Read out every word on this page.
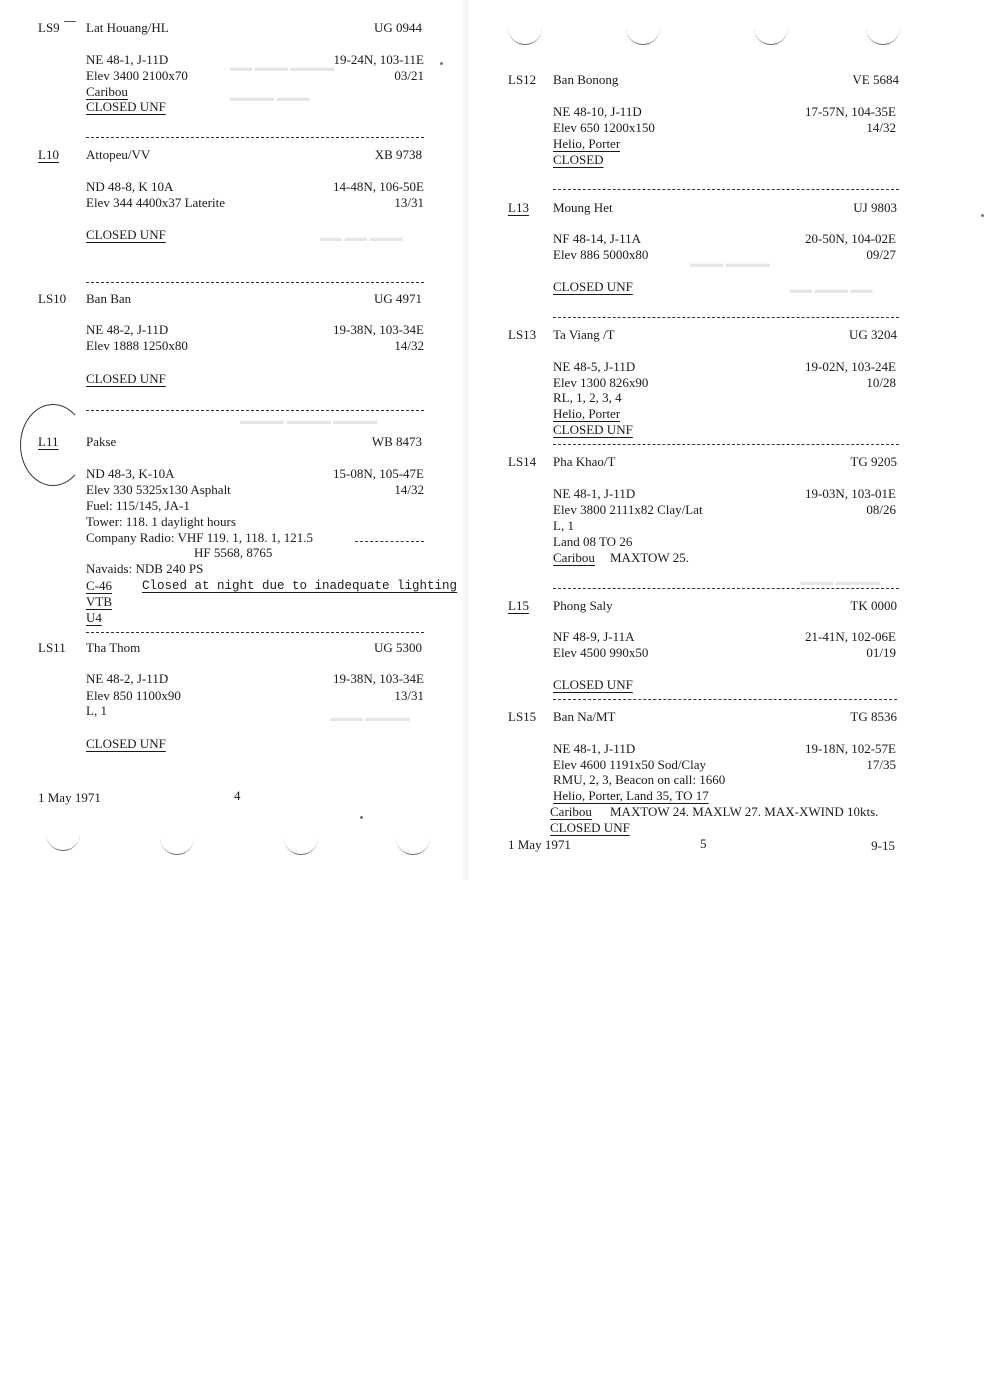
▬▬ ▬▬▬ ▬▬▬▬
▬▬▬▬ ▬▬▬
▬▬ ▬▬ ▬▬▬
▬▬▬▬ ▬▬▬▬ ▬▬▬▬
▬▬▬ ▬▬▬▬
LS9 Lat Houang/HL	UG 0944
NE 48-1, J-11D	19-24N, 103-11E
Elev 3400 2100x70	03/21
Caribou
CLOSED UNF
L10 Attopeu/VV	XB 9738
ND 48-8, K 10A	14-48N, 106-50E
Elev 344 4400x37 Laterite	13/31
CLOSED UNF
LS10 Ban Ban	UG 4971
NE 48-2, J-11D	19-38N, 103-34E
Elev 1888 1250x80	14/32
CLOSED UNF
L11 Pakse	WB 8473
ND 48-3, K-10A	15-08N, 105-47E
Elev 330 5325x130 Asphalt	14/32
Fuel: 115/145, JA-1
Tower: 118. 1 daylight hours
Company Radio: VHF 119. 1, 118. 1, 121.5
HF 5568, 8765
Navaids: NDB 240 PS
C-46 Closed at night due to inadequate lighting
VTB
U4
LS11 Tha Thom	UG 5300
NE 48-2, J-11D	19-38N, 103-34E
Elev 850 1100x90	13/31
L, 1
CLOSED UNF
1 May 1971	4
▬▬▬ ▬▬▬▬
▬▬ ▬▬▬ ▬▬
▬▬▬ ▬▬▬▬
LS12 Ban Bonong	VE 5684
NE 48-10, J-11D	17-57N, 104-35E
Elev 650 1200x150	14/32
Helio, Porter
CLOSED
L13 Moung Het	UJ 9803
NF 48-14, J-11A	20-50N, 104-02E
Elev 886 5000x80	09/27
CLOSED UNF
LS13 Ta Viang /T	UG 3204
NE 48-5, J-11D	19-02N, 103-24E
Elev 1300 826x90	10/28
RL, 1, 2, 3, 4
Helio, Porter
CLOSED UNF
LS14 Pha Khao/T	TG 9205
NE 48-1, J-11D	19-03N, 103-01E
Elev 3800 2111x82 Clay/Lat	08/26
L, 1
Land 08 TO 26
Caribou MAXTOW 25.
L15 Phong Saly	TK 0000
NF 48-9, J-11A	21-41N, 102-06E
Elev 4500 990x50	01/19
CLOSED UNF
LS15 Ban Na/MT	TG 8536
NE 48-1, J-11D	19-18N, 102-57E
Elev 4600 1191x50 Sod/Clay	17/35
RMU, 2, 3, Beacon on call: 1660
Helio, Porter, Land 35, TO 17
Caribou MAXTOW 24. MAXLW 27. MAX-XWIND 10kts.
CLOSED UNF
1 May 1971	5	9-15
